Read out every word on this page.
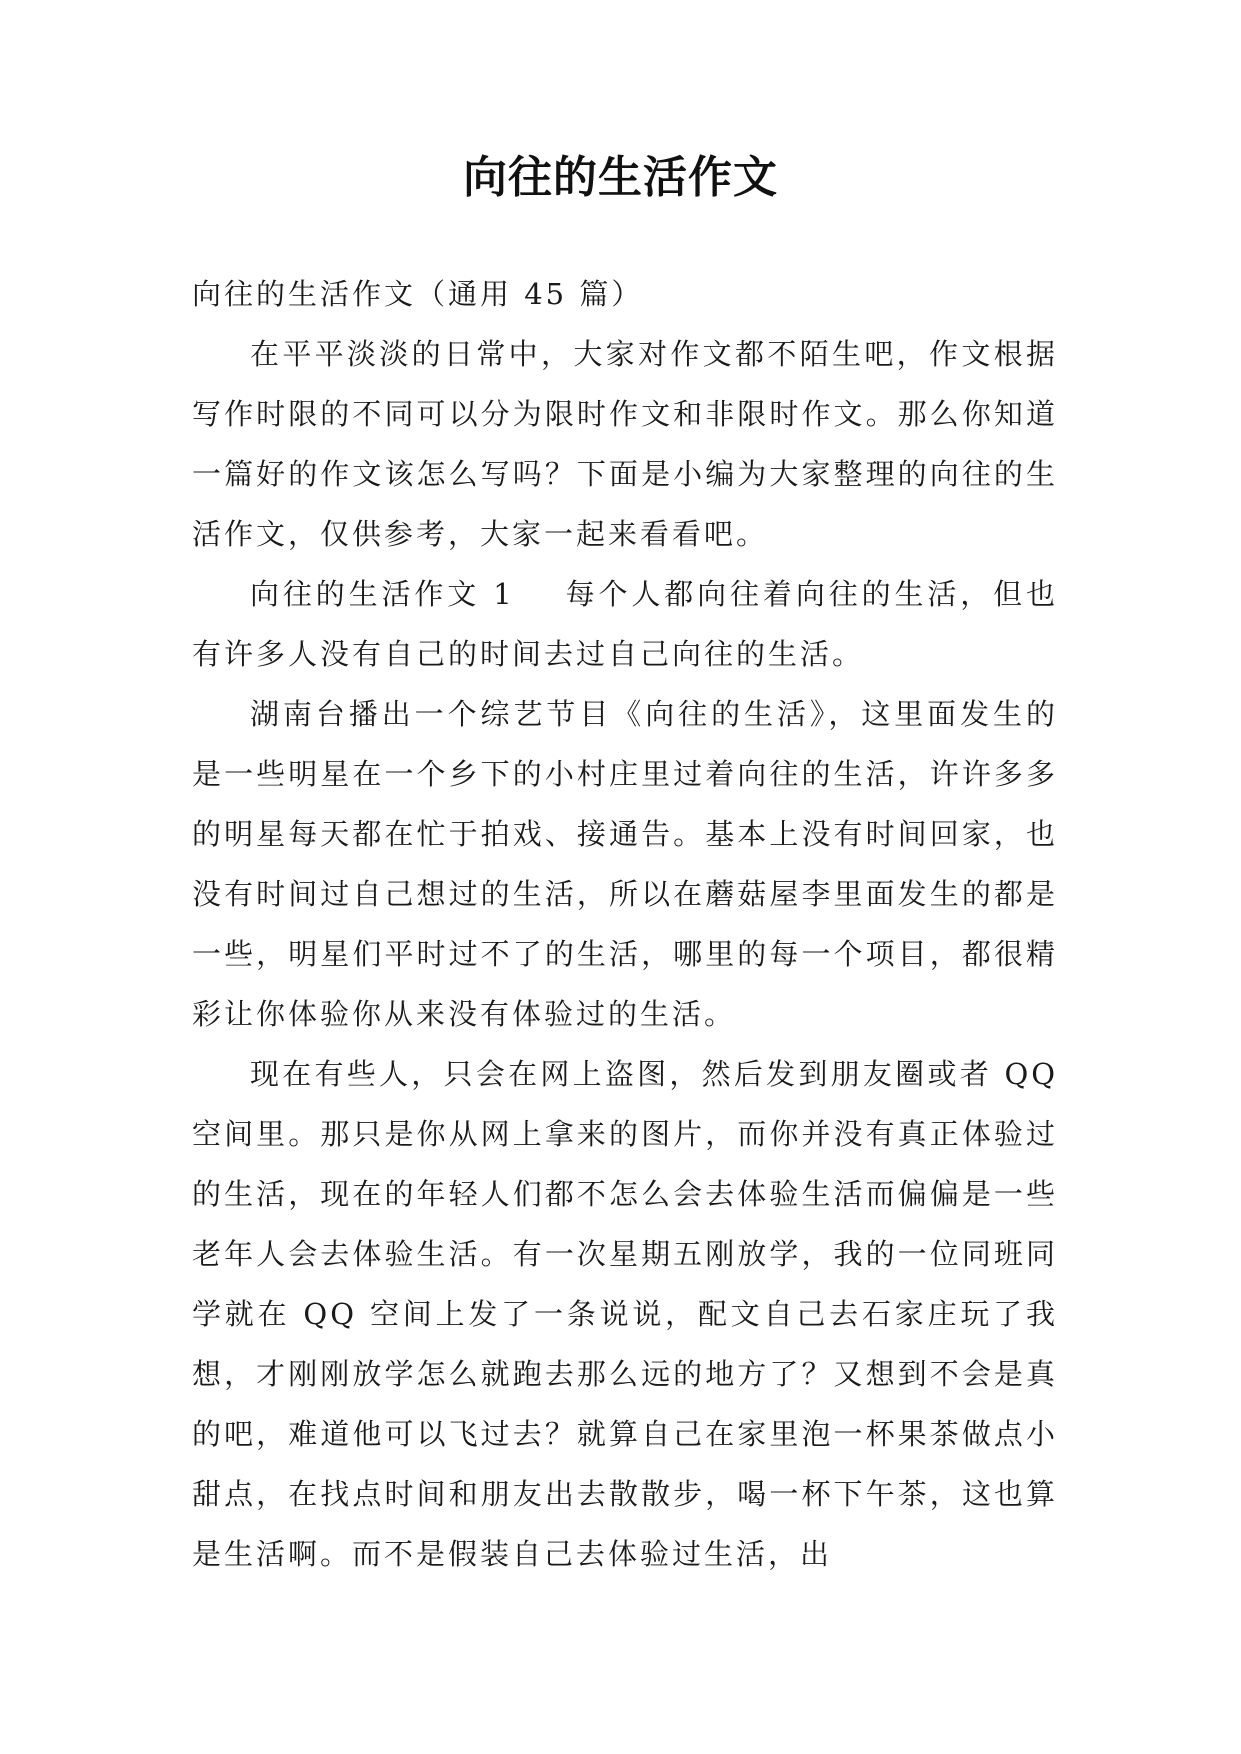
向往的生活作文

向往的生活作文（通用 45 篇）

在平平淡淡的日常中，大家对作文都不陌生吧，作文根据写作时限的不同可以分为限时作文和非限时作文。那么你知道一篇好的作文该怎么写吗？下面是小编为大家整理的向往的生活作文，仅供参考，大家一起来看看吧。

向往的生活作文 1 每个人都向往着向往的生活，但也有许多人没有自己的时间去过自己向往的生活。

湖南台播出一个综艺节目《向往的生活》，这里面发生的是一些明星在一个乡下的小村庄里过着向往的生活，许许多多的明星每天都在忙于拍戏、接通告。基本上没有时间回家，也没有时间过自己想过的生活，所以在蘑菇屋李里面发生的都是一些，明星们平时过不了的生活，哪里的每一个项目，都很精彩让你体验你从来没有体验过的生活。

现在有些人，只会在网上盗图，然后发到朋友圈或者 QQ 空间里。那只是你从网上拿来的图片，而你并没有真正体验过的生活，现在的年轻人们都不怎么会去体验生活而偏偏是一些老年人会去体验生活。有一次星期五刚放学，我的一位同班同学就在 QQ 空间上发了一条说说，配文自己去石家庄玩了我想，才刚刚放学怎么就跑去那么远的地方了？又想到不会是真的吧，难道他可以飞过去？就算自己在家里泡一杯果茶做点小甜点，在找点时间和朋友出去散散步，喝一杯下午茶，这也算是生活啊。而不是假装自己去体验过生活，出
